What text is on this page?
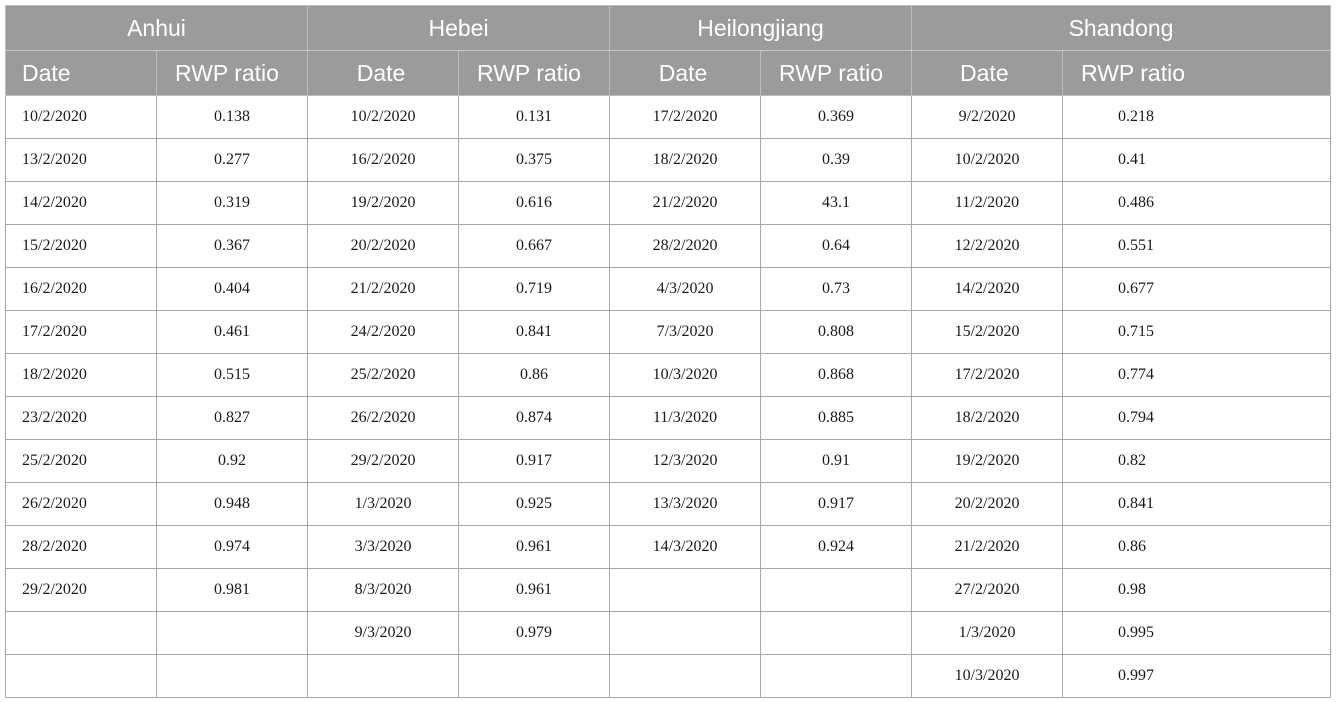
Anhui		Hebei		Heilongjiang		Shandong	
Date	RWP ratio	Date	RWP ratio	Date	RWP ratio	Date	RWP ratio
10/2/2020	0.138	10/2/2020	0.131	17/2/2020	0.369	9/2/2020	0.218
13/2/2020	0.277	16/2/2020	0.375	18/2/2020	0.39	10/2/2020	0.41
14/2/2020	0.319	19/2/2020	0.616	21/2/2020	43.1	11/2/2020	0.486
15/2/2020	0.367	20/2/2020	0.667	28/2/2020	0.64	12/2/2020	0.551
16/2/2020	0.404	21/2/2020	0.719	4/3/2020	0.73	14/2/2020	0.677
17/2/2020	0.461	24/2/2020	0.841	7/3/2020	0.808	15/2/2020	0.715
18/2/2020	0.515	25/2/2020	0.86	10/3/2020	0.868	17/2/2020	0.774
23/2/2020	0.827	26/2/2020	0.874	11/3/2020	0.885	18/2/2020	0.794
25/2/2020	0.92	29/2/2020	0.917	12/3/2020	0.91	19/2/2020	0.82
26/2/2020	0.948	1/3/2020	0.925	13/3/2020	0.917	20/2/2020	0.841
28/2/2020	0.974	3/3/2020	0.961	14/3/2020	0.924	21/2/2020	0.86
29/2/2020	0.981	8/3/2020	0.961			27/2/2020	0.98
		9/3/2020	0.979			1/3/2020	0.995
						10/3/2020	0.997
